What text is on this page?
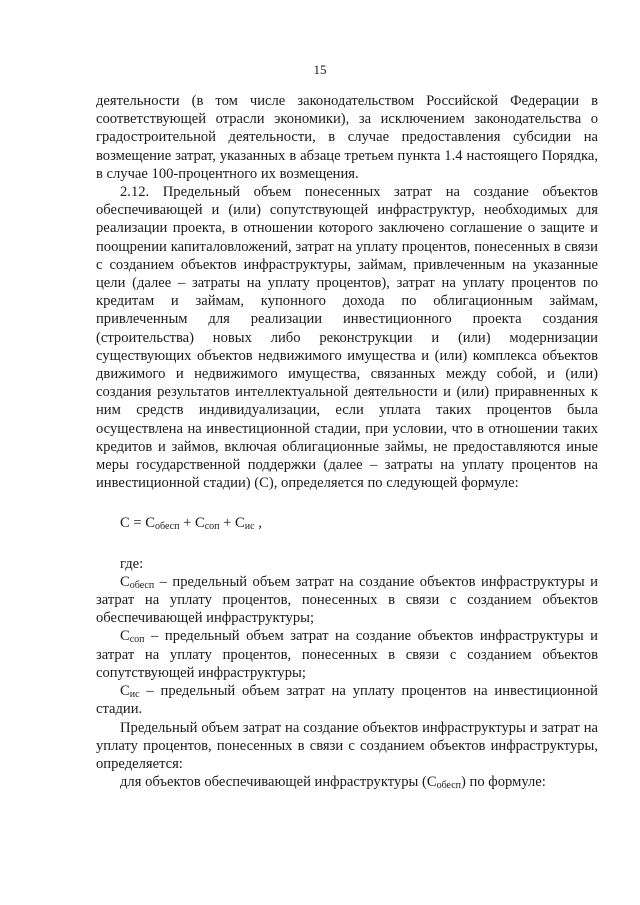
15

деятельности (в том числе законодательством Российской Федерации в соответствующей отрасли экономики), за исключением законодательства о градостроительной деятельности, в случае предоставления субсидии на возмещение затрат, указанных в абзаце третьем пункта 1.4 настоящего Порядка, в случае 100-процентного их возмещения.

2.12. Предельный объем понесенных затрат на создание объектов обеспечивающей и (или) сопутствующей инфраструктур, необходимых для реализации проекта, в отношении которого заключено соглашение о защите и поощрении капиталовложений, затрат на уплату процентов, понесенных в связи с созданием объектов инфраструктуры, займам, привлеченным на указанные цели (далее – затраты на уплату процентов), затрат на уплату процентов по кредитам и займам, купонного дохода по облигационным займам, привлеченным для реализации инвестиционного проекта создания (строительства) новых либо реконструкции и (или) модернизации существующих объектов недвижимого имущества и (или) комплекса объектов движимого и недвижимого имущества, связанных между собой, и (или) создания результатов интеллектуальной деятельности и (или) приравненных к ним средств индивидуализации, если уплата таких процентов была осуществлена на инвестиционной стадии, при условии, что в отношении таких кредитов и займов, включая облигационные займы, не предоставляются иные меры государственной поддержки (далее – затраты на уплату процентов на инвестиционной стадии) (С), определяется по следующей формуле:

$С = С_{обесп} + С_{соп} + С_{ис}$ ,

где:

$С_{обесп}$ – предельный объем затрат на создание объектов инфраструктуры и затрат на уплату процентов, понесенных в связи с созданием объектов обеспечивающей инфраструктуры;

$С_{соп}$ – предельный объем затрат на создание объектов инфраструктуры и затрат на уплату процентов, понесенных в связи с созданием объектов сопутствующей инфраструктуры;

$С_{ис}$ – предельный объем затрат на уплату процентов на инвестиционной стадии.

Предельный объем затрат на создание объектов инфраструктуры и затрат на уплату процентов, понесенных в связи с созданием объектов инфраструктуры, определяется:

для объектов обеспечивающей инфраструктуры $(С_{обесп})$ по формуле:
